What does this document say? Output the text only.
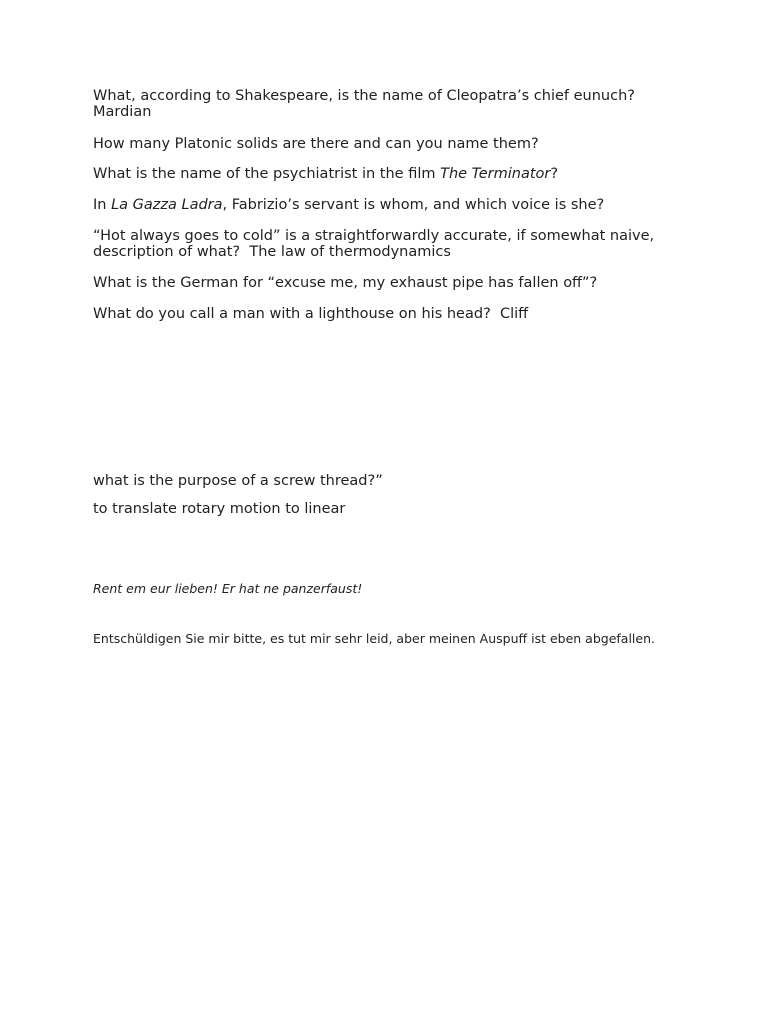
What, according to Shakespeare, is the name of Cleopatra’s chief eunuch?

Mardian

How many Platonic solids are there and can you name them?

What is the name of the psychiatrist in the film The Terminator?

In La Gazza Ladra, Fabrizio’s servant is whom, and which voice is she?

“Hot always goes to cold” is a straightforwardly accurate, if somewhat naive,

description of what?  The law of thermodynamics

What is the German for “excuse me, my exhaust pipe has fallen off”?

What do you call a man with a lighthouse on his head?  Cliff

what is the purpose of a screw thread?”

to translate rotary motion to linear

Rent em eur lieben! Er hat ne panzerfaust!

Entschüldigen Sie mir bitte, es tut mir sehr leid, aber meinen Auspuff ist eben abgefallen.
